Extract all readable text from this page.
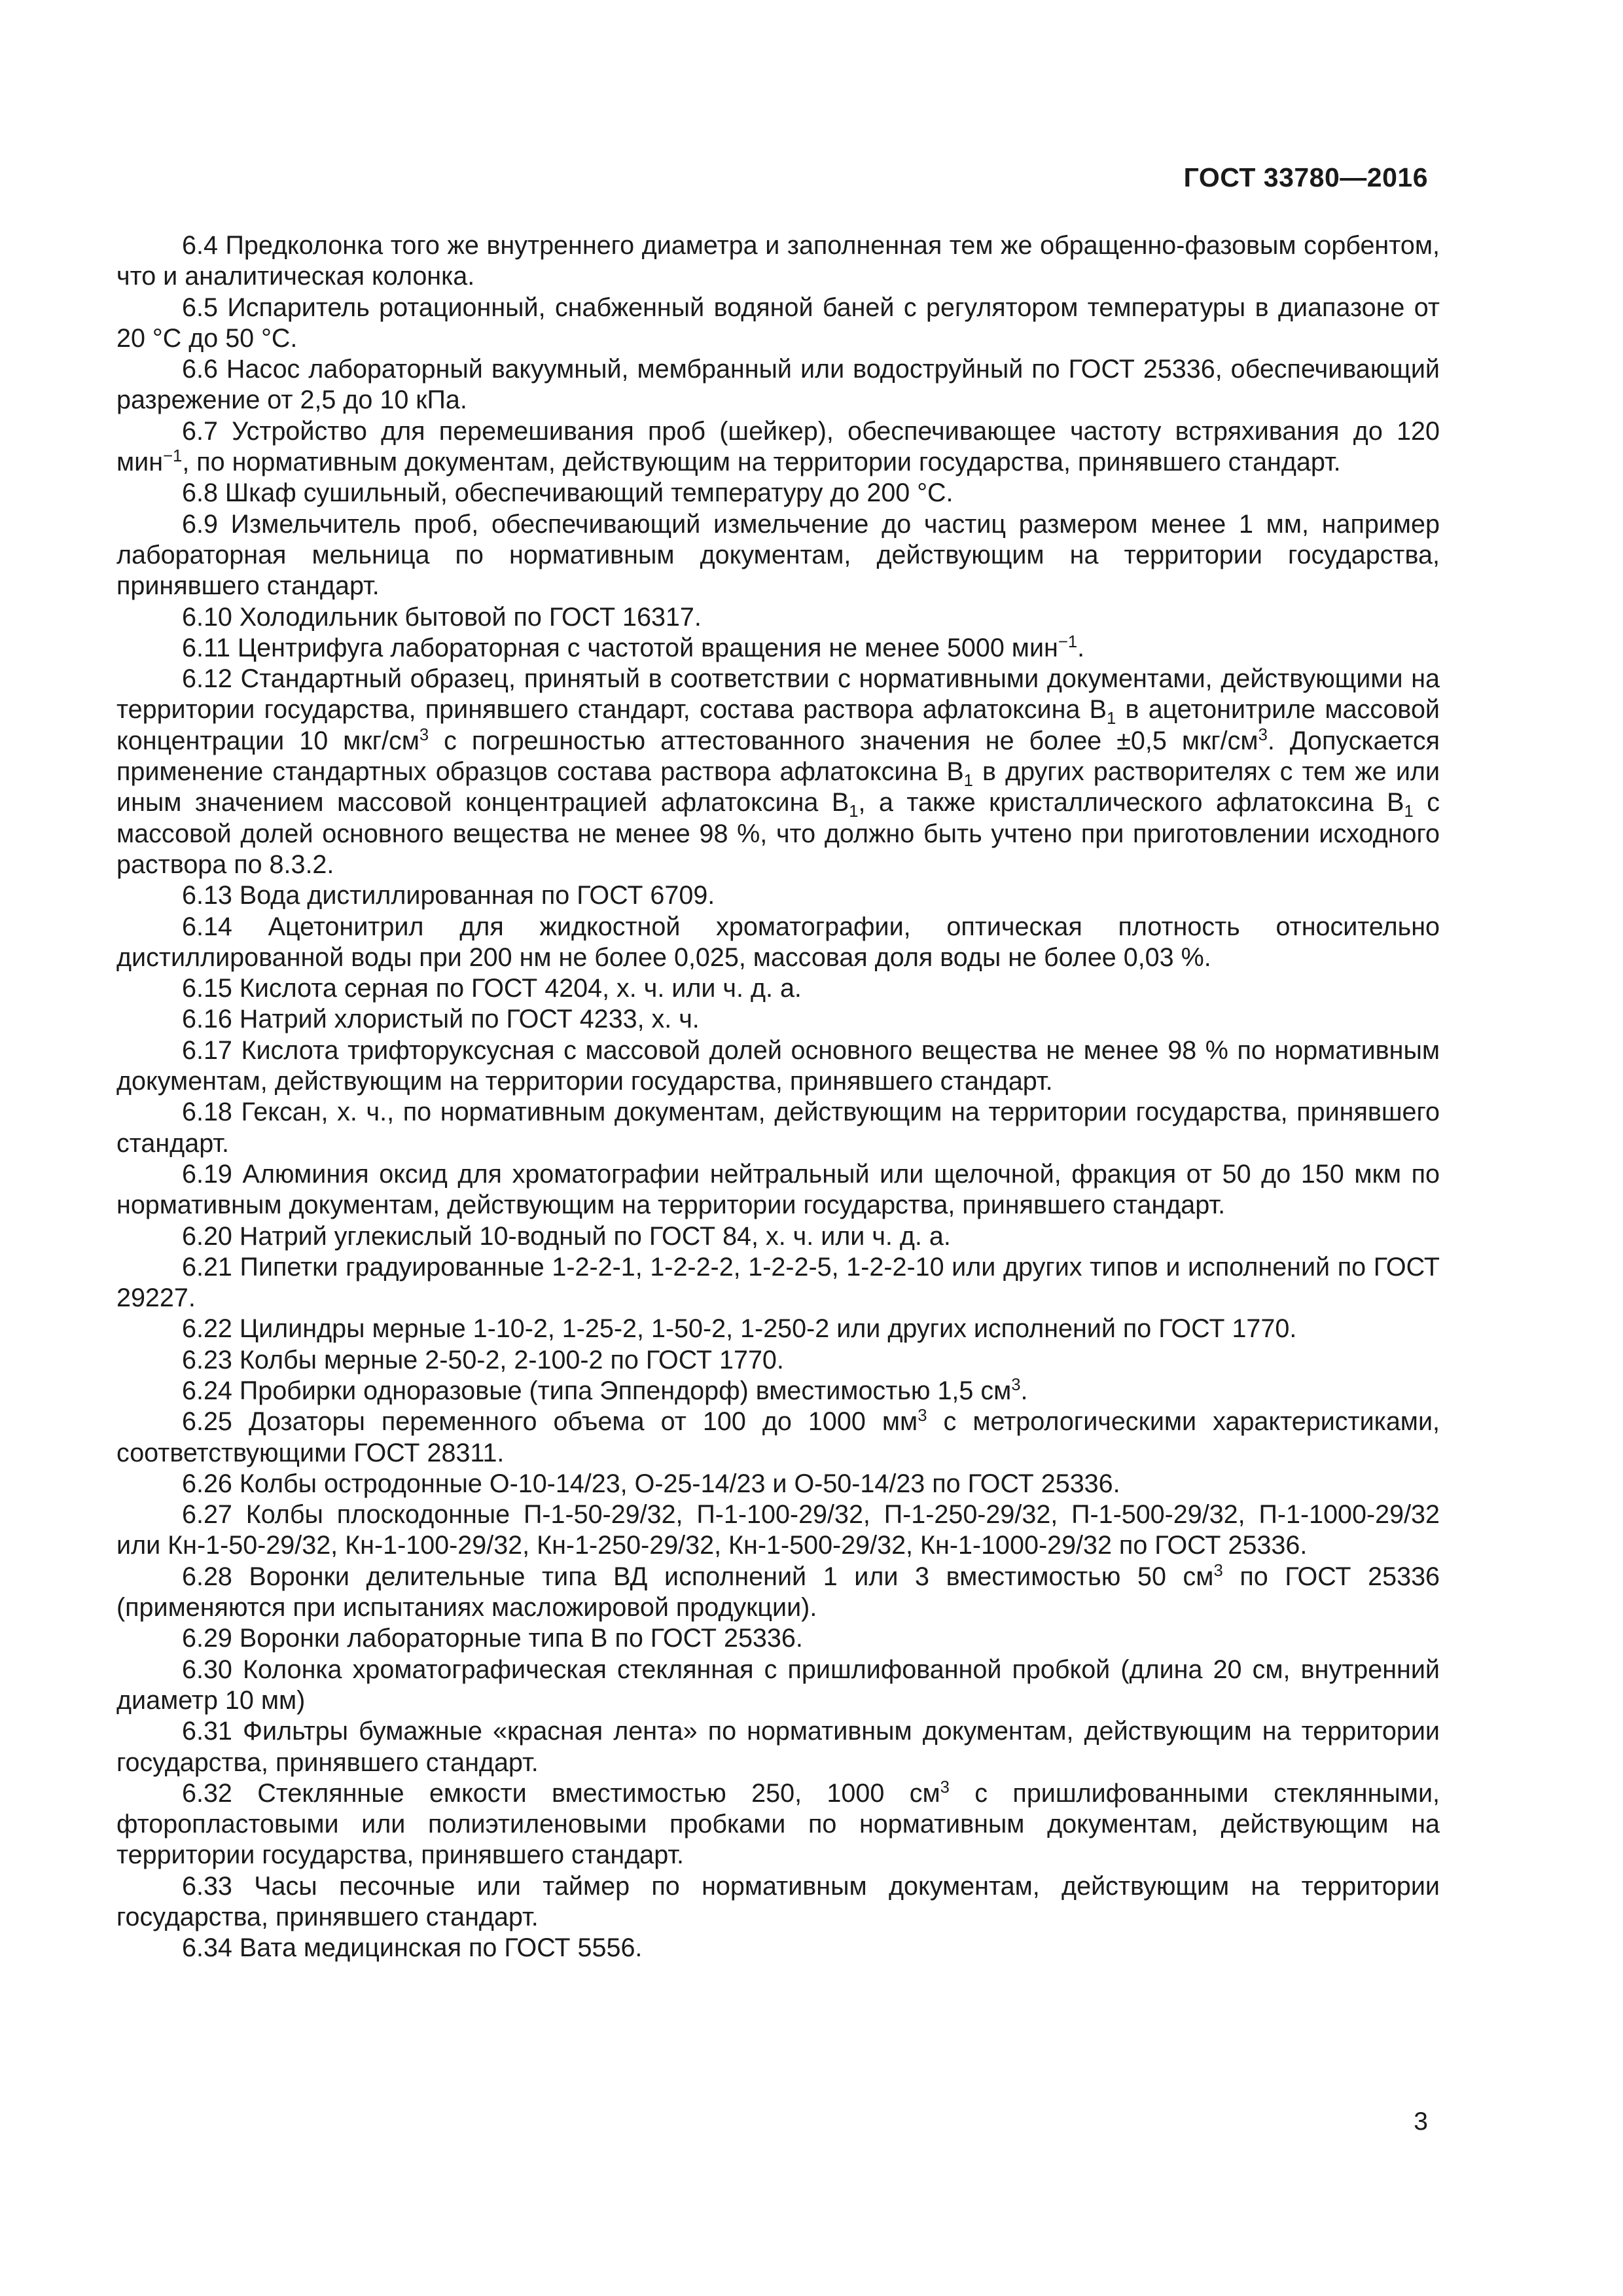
ГОСТ 33780—2016

6.4 Предколонка того же внутреннего диаметра и заполненная тем же обращенно-фазовым сорбентом, что и аналитическая колонка.

6.5 Испаритель ротационный, снабженный водяной баней с регулятором температуры в диапазоне от 20 °С до 50 °С.

6.6 Насос лабораторный вакуумный, мембранный или водоструйный по ГОСТ 25336, обеспечивающий разрежение от 2,5 до 10 кПа.

6.7 Устройство для перемешивания проб (шейкер), обеспечивающее частоту встряхивания до 120 мин$^{-1}$, по нормативным документам, действующим на территории государства, принявшего стандарт.

6.8 Шкаф сушильный, обеспечивающий температуру до 200 °С.

6.9 Измельчитель проб, обеспечивающий измельчение до частиц размером менее 1 мм, например лабораторная мельница по нормативным документам, действующим на территории государства, принявшего стандарт.

6.10 Холодильник бытовой по ГОСТ 16317.

6.11 Центрифуга лабораторная с частотой вращения не менее 5000 мин$^{-1}$.

6.12 Стандартный образец, принятый в соответствии с нормативными документами, действующими на территории государства, принявшего стандарт, состава раствора афлатоксина $В_1$ в ацетонитриле массовой концентрации 10 мкг/$см^3$ с погрешностью аттестованного значения не более ±0,5 мкг/$см^3$. Допускается применение стандартных образцов состава раствора афлатоксина $В_1$ в других растворителях с тем же или иным значением массовой концентрацией афлатоксина $В_1$, а также кристаллического афлатоксина $В_1$ с массовой долей основного вещества не менее 98 %, что должно быть учтено при приготовлении исходного раствора по 8.3.2.

6.13 Вода дистиллированная по ГОСТ 6709.

6.14 Ацетонитрил для жидкостной хроматографии, оптическая плотность относительно дистиллированной воды при 200 нм не более 0,025, массовая доля воды не более 0,03 %.

6.15 Кислота серная по ГОСТ 4204, х. ч. или ч. д. а.

6.16 Натрий хлористый по ГОСТ 4233, х. ч.

6.17 Кислота трифторуксусная с массовой долей основного вещества не менее 98 % по нормативным документам, действующим на территории государства, принявшего стандарт.

6.18 Гексан, х. ч., по нормативным документам, действующим на территории государства, принявшего стандарт.

6.19 Алюминия оксид для хроматографии нейтральный или щелочной, фракция от 50 до 150 мкм по нормативным документам, действующим на территории государства, принявшего стандарт.

6.20 Натрий углекислый 10-водный по ГОСТ 84, х. ч. или ч. д. а.

6.21 Пипетки градуированные 1-2-2-1, 1-2-2-2, 1-2-2-5, 1-2-2-10 или других типов и исполнений по ГОСТ 29227.

6.22 Цилиндры мерные 1-10-2, 1-25-2, 1-50-2, 1-250-2 или других исполнений по ГОСТ 1770.

6.23 Колбы мерные 2-50-2, 2-100-2 по ГОСТ 1770.

6.24 Пробирки одноразовые (типа Эппендорф) вместимостью 1,5 $см^3$.

6.25 Дозаторы переменного объема от 100 до 1000 $мм^3$ с метрологическими характеристиками, соответствующими ГОСТ 28311.

6.26 Колбы остродонные О-10-14/23, О-25-14/23 и О-50-14/23 по ГОСТ 25336.

6.27 Колбы плоскодонные П-1-50-29/32, П-1-100-29/32, П-1-250-29/32, П-1-500-29/32, П-1-1000-29/32 или Кн-1-50-29/32, Кн-1-100-29/32, Кн-1-250-29/32, Кн-1-500-29/32, Кн-1-1000-29/32 по ГОСТ 25336.

6.28 Воронки делительные типа ВД исполнений 1 или 3 вместимостью 50 $см^3$ по ГОСТ 25336 (применяются при испытаниях масложировой продукции).

6.29 Воронки лабораторные типа В по ГОСТ 25336.

6.30 Колонка хроматографическая стеклянная с пришлифованной пробкой (длина 20 см, внутренний диаметр 10 мм)

6.31 Фильтры бумажные «красная лента» по нормативным документам, действующим на территории государства, принявшего стандарт.

6.32 Стеклянные емкости вместимостью 250, 1000 $см^3$ с пришлифованными стеклянными, фторопластовыми или полиэтиленовыми пробками по нормативным документам, действующим на территории государства, принявшего стандарт.

6.33 Часы песочные или таймер по нормативным документам, действующим на территории государства, принявшего стандарт.

6.34 Вата медицинская по ГОСТ 5556.

3
